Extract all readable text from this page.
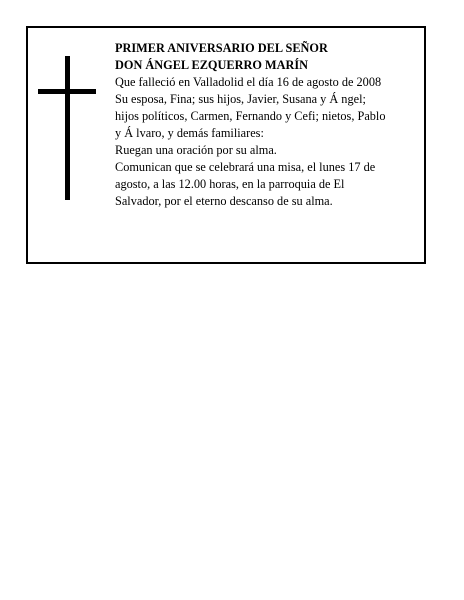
PRIMER ANIVERSARIO DEL SEÑOR

DON ÁNGEL EZQUERRO MARÍN

Que falleció en Valladolid el día 16 de agosto de 2008

Su esposa, Fina; sus hijos, Javier, Susana y Á ngel;

hijos políticos, Carmen, Fernando y Cefi; nietos, Pablo

y Á lvaro, y demás familiares:

Ruegan una oración por su alma.

Comunican que se celebrará una misa, el lunes 17 de

agosto, a las 12.00 horas, en la parroquia de El

Salvador, por el eterno descanso de su alma.
